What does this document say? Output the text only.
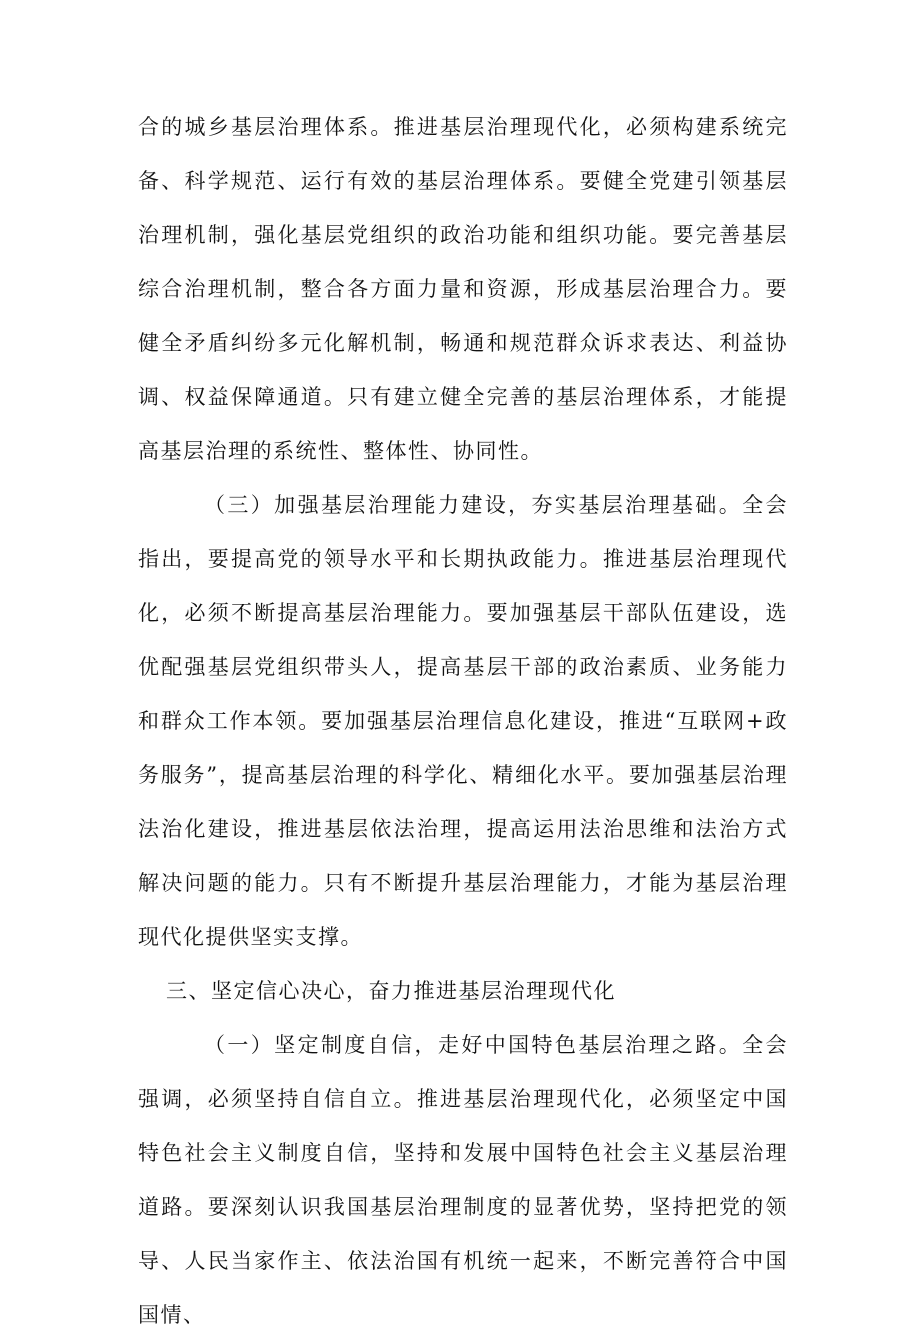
合的城乡基层治理体系。推进基层治理现代化，必须构建系统完备、科学规范、运行有效的基层治理体系。要健全党建引领基层治理机制，强化基层党组织的政治功能和组织功能。要完善基层综合治理机制，整合各方面力量和资源，形成基层治理合力。要健全矛盾纠纷多元化解机制，畅通和规范群众诉求表达、利益协调、权益保障通道。只有建立健全完善的基层治理体系，才能提高基层治理的系统性、整体性、协同性。

（三）加强基层治理能力建设，夯实基层治理基础。全会指出，要提高党的领导水平和长期执政能力。推进基层治理现代化，必须不断提高基层治理能力。要加强基层干部队伍建设，选优配强基层党组织带头人，提高基层干部的政治素质、业务能力和群众工作本领。要加强基层治理信息化建设，推进“互联网+政务服务”，提高基层治理的科学化、精细化水平。要加强基层治理法治化建设，推进基层依法治理，提高运用法治思维和法治方式解决问题的能力。只有不断提升基层治理能力，才能为基层治理现代化提供坚实支撑。

三、坚定信心决心，奋力推进基层治理现代化

（一）坚定制度自信，走好中国特色基层治理之路。全会强调，必须坚持自信自立。推进基层治理现代化，必须坚定中国特色社会主义制度自信，坚持和发展中国特色社会主义基层治理道路。要深刻认识我国基层治理制度的显著优势，坚持把党的领导、人民当家作主、依法治国有机统一起来，不断完善符合中国国情、
